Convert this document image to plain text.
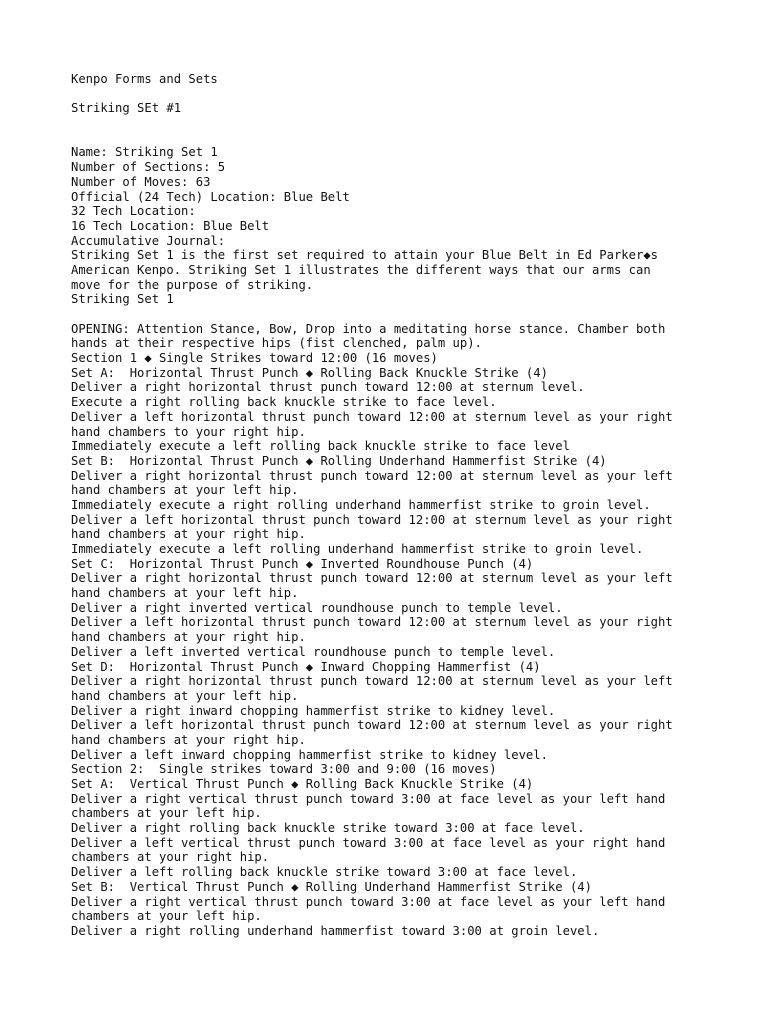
Kenpo Forms and Sets
Striking SEt #1
Name: Striking Set 1
Number of Sections: 5
Number of Moves: 63
Official (24 Tech) Location: Blue Belt
32 Tech Location:
16 Tech Location: Blue Belt
Accumulative Journal:
Striking Set 1 is the first set required to attain your Blue Belt in Ed Parker◆s
American Kenpo. Striking Set 1 illustrates the different ways that our arms can
move for the purpose of striking.
Striking Set 1
OPENING: Attention Stance, Bow, Drop into a meditating horse stance. Chamber both
hands at their respective hips (fist clenched, palm up).
Section 1 ◆ Single Strikes toward 12:00 (16 moves)
Set A:  Horizontal Thrust Punch ◆ Rolling Back Knuckle Strike (4)
Deliver a right horizontal thrust punch toward 12:00 at sternum level.
Execute a right rolling back knuckle strike to face level.
Deliver a left horizontal thrust punch toward 12:00 at sternum level as your right
hand chambers to your right hip.
Immediately execute a left rolling back knuckle strike to face level
Set B:  Horizontal Thrust Punch ◆ Rolling Underhand Hammerfist Strike (4)
Deliver a right horizontal thrust punch toward 12:00 at sternum level as your left
hand chambers at your left hip.
Immediately execute a right rolling underhand hammerfist strike to groin level.
Deliver a left horizontal thrust punch toward 12:00 at sternum level as your right
hand chambers at your right hip.
Immediately execute a left rolling underhand hammerfist strike to groin level.
Set C:  Horizontal Thrust Punch ◆ Inverted Roundhouse Punch (4)
Deliver a right horizontal thrust punch toward 12:00 at sternum level as your left
hand chambers at your left hip.
Deliver a right inverted vertical roundhouse punch to temple level.
Deliver a left horizontal thrust punch toward 12:00 at sternum level as your right
hand chambers at your right hip.
Deliver a left inverted vertical roundhouse punch to temple level.
Set D:  Horizontal Thrust Punch ◆ Inward Chopping Hammerfist (4)
Deliver a right horizontal thrust punch toward 12:00 at sternum level as your left
hand chambers at your left hip.
Deliver a right inward chopping hammerfist strike to kidney level.
Deliver a left horizontal thrust punch toward 12:00 at sternum level as your right
hand chambers at your right hip.
Deliver a left inward chopping hammerfist strike to kidney level.
Section 2:  Single strikes toward 3:00 and 9:00 (16 moves)
Set A:  Vertical Thrust Punch ◆ Rolling Back Knuckle Strike (4)
Deliver a right vertical thrust punch toward 3:00 at face level as your left hand
chambers at your left hip.
Deliver a right rolling back knuckle strike toward 3:00 at face level.
Deliver a left vertical thrust punch toward 3:00 at face level as your right hand
chambers at your right hip.
Deliver a left rolling back knuckle strike toward 3:00 at face level.
Set B:  Vertical Thrust Punch ◆ Rolling Underhand Hammerfist Strike (4)
Deliver a right vertical thrust punch toward 3:00 at face level as your left hand
chambers at your left hip.
Deliver a right rolling underhand hammerfist toward 3:00 at groin level.
